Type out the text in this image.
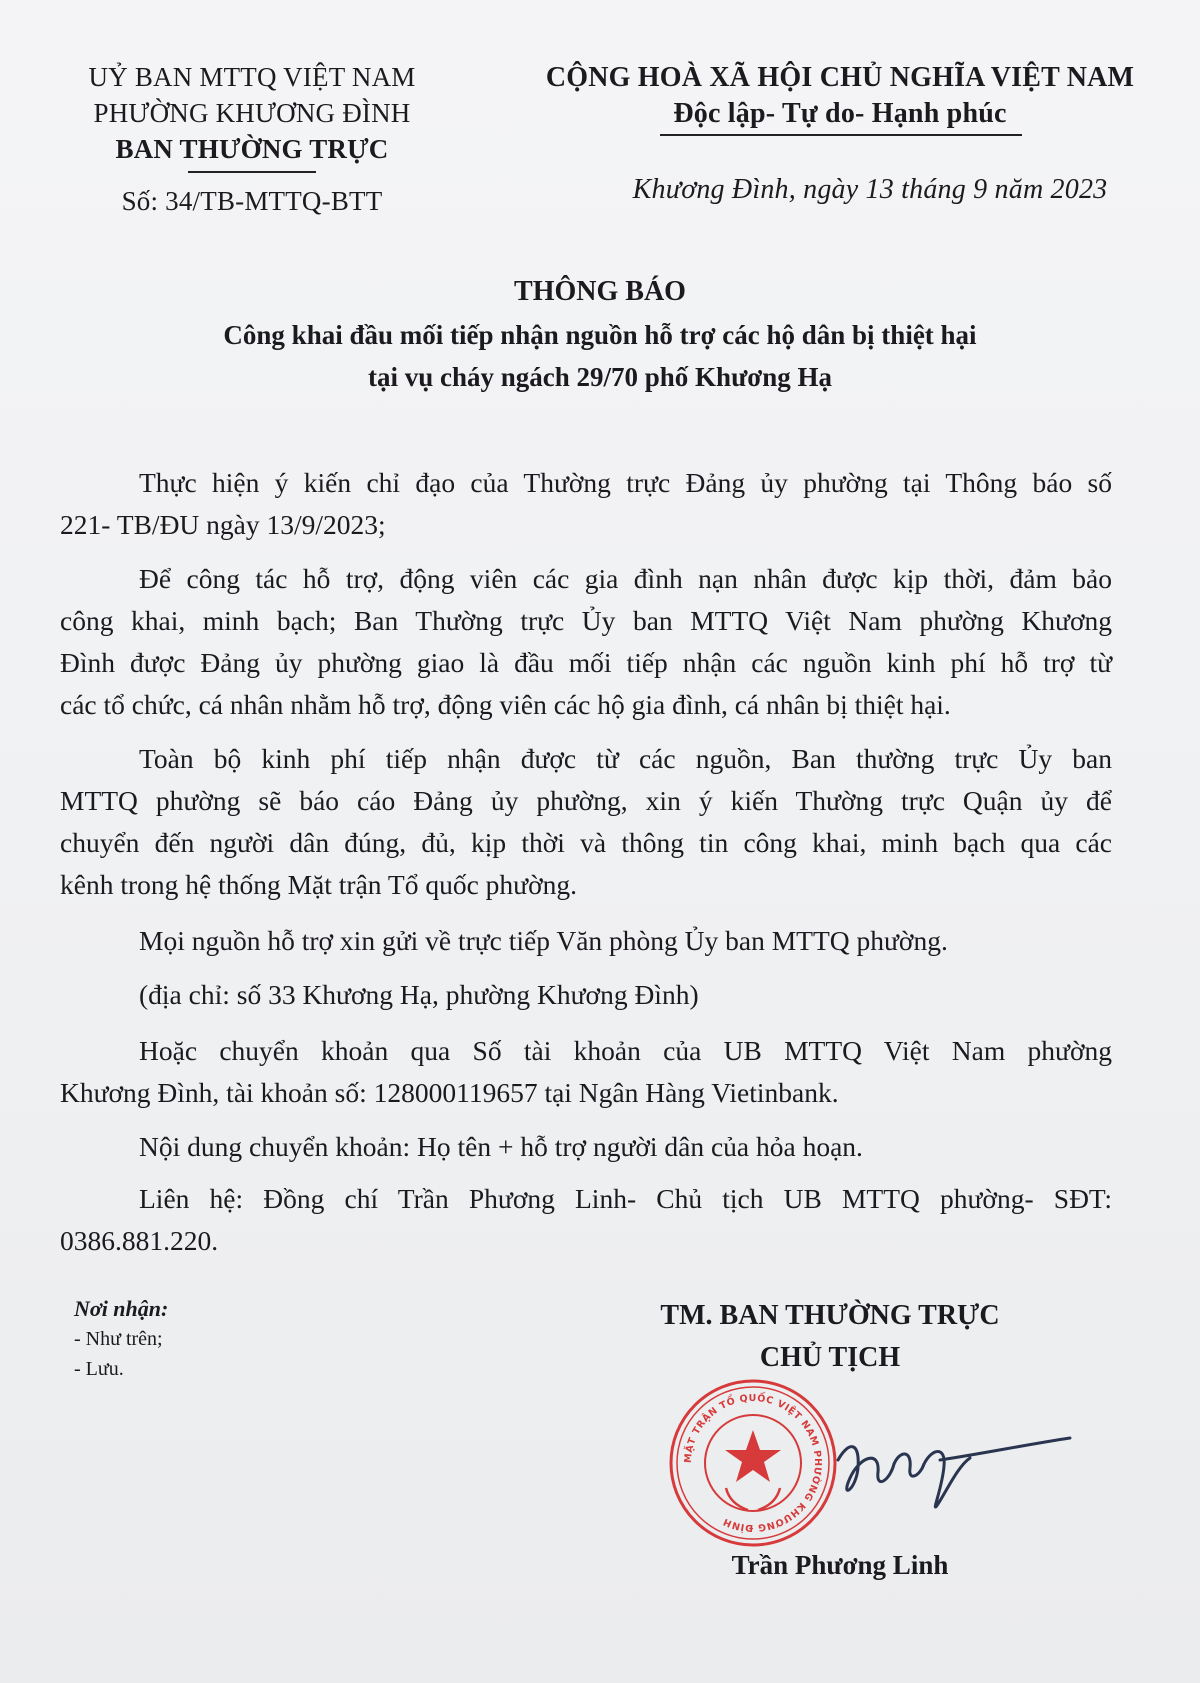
UỶ BAN MTTQ VIỆT NAM
PHƯỜNG KHƯƠNG ĐÌNH
BAN THƯỜNG TRỰC
Số: 34/TB-MTTQ-BTT
CỘNG HOÀ XÃ HỘI CHỦ NGHĨA VIỆT NAM
Độc lập- Tự do- Hạnh phúc
Khương Đình, ngày 13 tháng 9 năm 2023
THÔNG BÁO
Công khai đầu mối tiếp nhận nguồn hỗ trợ các hộ dân bị thiệt hại
tại vụ cháy ngách 29/70 phố Khương Hạ
Thực hiện ý kiến chỉ đạo của Thường trực Đảng ủy phường tại Thông báo số
221- TB/ĐU ngày 13/9/2023;
Để công tác hỗ trợ, động viên các gia đình nạn nhân được kịp thời, đảm bảo
công khai, minh bạch; Ban Thường trực Ủy ban MTTQ Việt Nam phường Khương
Đình được Đảng ủy phường giao là đầu mối tiếp nhận các nguồn kinh phí hỗ trợ từ
các tổ chức, cá nhân nhằm hỗ trợ, động viên các hộ gia đình, cá nhân bị thiệt hại.
Toàn bộ kinh phí tiếp nhận được từ các nguồn, Ban thường trực Ủy ban
MTTQ phường sẽ báo cáo Đảng ủy phường, xin ý kiến Thường trực Quận ủy để
chuyển đến người dân đúng, đủ, kịp thời và thông tin công khai, minh bạch qua các
kênh trong hệ thống Mặt trận Tổ quốc phường.
Mọi nguồn hỗ trợ xin gửi về trực tiếp Văn phòng Ủy ban MTTQ phường.
(địa chỉ: số 33 Khương Hạ, phường Khương Đình)
Hoặc chuyển khoản qua Số tài khoản của UB MTTQ Việt Nam phường
Khương Đình, tài khoản số: 128000119657 tại Ngân Hàng Vietinbank.
Nội dung chuyển khoản: Họ tên + hỗ trợ người dân của hỏa hoạn.
Liên hệ: Đồng chí Trần Phương Linh- Chủ tịch UB MTTQ phường- SĐT:
0386.881.220.
Nơi nhận:
- Như trên;
- Lưu.
TM. BAN THƯỜNG TRỰC
CHỦ TỊCH
MẶT TRẬN TỔ QUỐC VIỆT NAM PHƯỜNG KHƯƠNG ĐÌNH
Trần Phương Linh
